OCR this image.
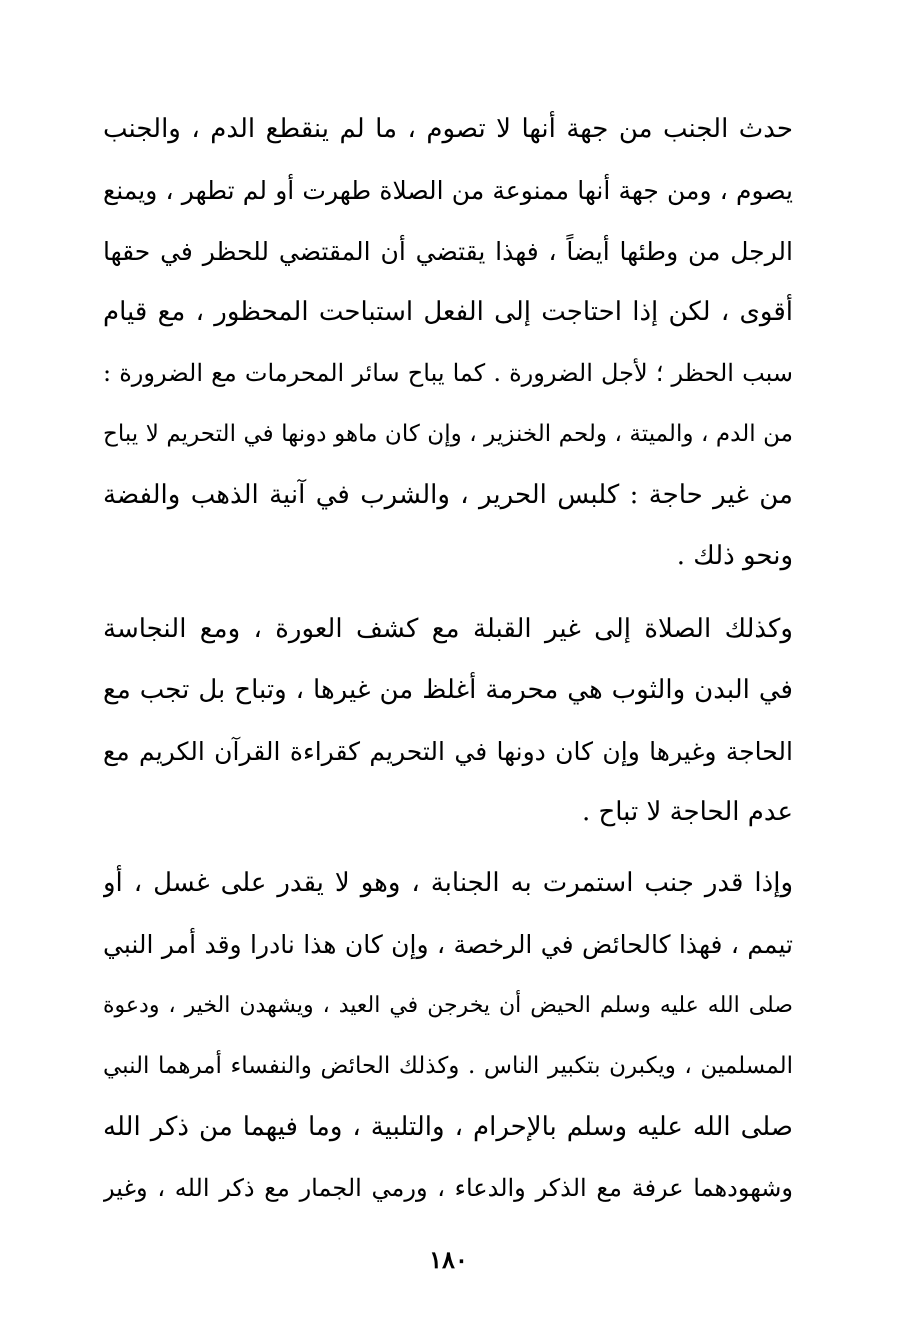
حدث الجنب من جهة أنها لا تصوم ، ما لم ينقطع الدم ، والجنب
يصوم ، ومن جهة أنها ممنوعة من الصلاة طهرت أو لم تطهر ، ويمنع
الرجل من وطئها أيضاً ، فهذا يقتضي أن المقتضي للحظر في حقها
أقوى ، لكن إذا احتاجت إلى الفعل استباحت المحظور ، مع قيام
سبب الحظر ؛ لأجل الضرورة . كما يباح سائر المحرمات مع الضرورة :
من الدم ، والميتة ، ولحم الخنزير ، وإن كان ماهو دونها في التحريم لا يباح
من غير حاجة : كلبس الحرير ، والشرب في آنية الذهب والفضة
ونحو ذلك .
وكذلك الصلاة إلى غير القبلة مع كشف العورة ، ومع النجاسة
في البدن والثوب هي محرمة أغلظ من غيرها ، وتباح بل تجب مع
الحاجة وغيرها وإن كان دونها في التحريم كقراءة القرآن الكريم مع
عدم الحاجة لا تباح .
وإذا قدر جنب استمرت به الجنابة ، وهو لا يقدر على غسل ، أو
تيمم ، فهذا كالحائض في الرخصة ، وإن كان هذا نادرا وقد أمر النبي
صلى الله عليه وسلم الحيض أن يخرجن في العيد ، ويشهدن الخير ، ودعوة
المسلمين ، ويكبرن بتكبير الناس . وكذلك الحائض والنفساء أمرهما النبي
صلى الله عليه وسلم بالإحرام ، والتلبية ، وما فيهما من ذكر الله
وشهودهما عرفة مع الذكر والدعاء ، ورمي الجمار مع ذكر الله ، وغير
١٨٠
